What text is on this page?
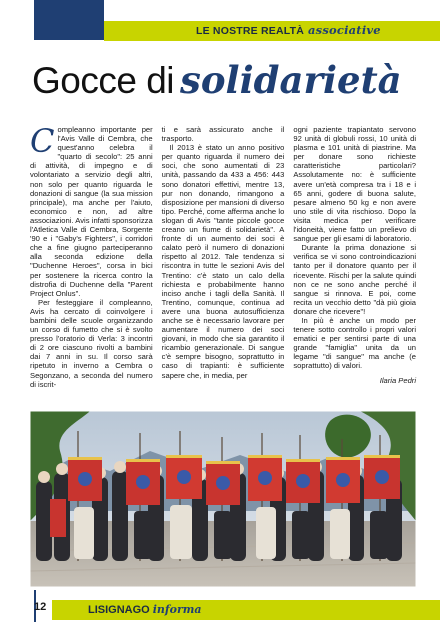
LE NOSTRE REALTÀ associative
Gocce di solidarietà

Compleanno importante per l'Avis Valle di Cembra, che quest'anno celebra il "quarto di secolo": 25 anni di attività, di impegno e di volontariato a servizio degli altri, non solo per quanto riguarda le donazioni di sangue (la sua mission principale), ma anche per l'aiuto, economico e non, ad altre associazioni. Avis infatti sponsorizza l'Atletica Valle di Cembra, Sorgente '90 e i "Gaby's Fighters", i corridori che a fine giugno parteciperanno alla seconda edizione della "Duchenne Heroes", corsa in bici per sostenere la ricerca contro la distrofia di Duchenne della "Parent Project Onlus".

Per festeggiare il compleanno, Avis ha cercato di coinvolgere i bambini delle scuole organizzando un corso di fumetto che si è svolto presso l'oratorio di Verla: 3 incontri di 2 ore ciascuno rivolti a bambini dai 7 anni in su. Il corso sarà ripetuto in inverno a Cembra o Segonzano, a seconda del numero di iscrit-

ti e sarà assicurato anche il trasporto.

Il 2013 è stato un anno positivo per quanto riguarda il numero dei soci, che sono aumentati di 23 unità, passando da 433 a 456: 443 sono donatori effettivi, mentre 13, pur non donando, rimangono a disposizione per mansioni di diverso tipo. Perché, come afferma anche lo slogan di Avis "tante piccole gocce creano un fiume di solidarietà". A fronte di un aumento dei soci è calato però il numero di donazioni rispetto al 2012. Tale tendenza si riscontra in tutte le sezioni Avis del Trentino: c'è stato un calo della richiesta e probabilmente hanno inciso anche i tagli della Sanità. Il Trentino, comunque, continua ad avere una buona autosufficienza anche se è necessario lavorare per aumentare il numero dei soci giovani, in modo che sia garantito il ricambio generazionale. Di sangue c'è sempre bisogno, soprattutto in caso di trapianti: è sufficiente sapere che, in media, per

ogni paziente trapiantato servono 92 unità di globuli rossi, 10 unità di plasma e 101 unità di piastrine. Ma per donare sono richieste caratteristiche particolari? Assolutamente no: è sufficiente avere un'età compresa tra i 18 e i 65 anni, godere di buona salute, pesare almeno 50 kg e non avere uno stile di vita rischioso. Dopo la visita medica per verificare l'idoneità, viene fatto un prelievo di sangue per gli esami di laboratorio.

Durante la prima donazione si verifica se vi sono controindicazioni tanto per il donatore quanto per il ricevente. Rischi per la salute quindi non ce ne sono anche perché il sangue si rinnova. E poi, come recita un vecchio detto "dà più gioia donare che ricevere"!

In più è anche un modo per tenere sotto controllo i propri valori ematici e per sentirsi parte di una grande "famiglia" unita da un legame "di sangue" ma anche (e soprattutto) di valori.

Ilaria Pedri
12	LISIGNAGO informa
